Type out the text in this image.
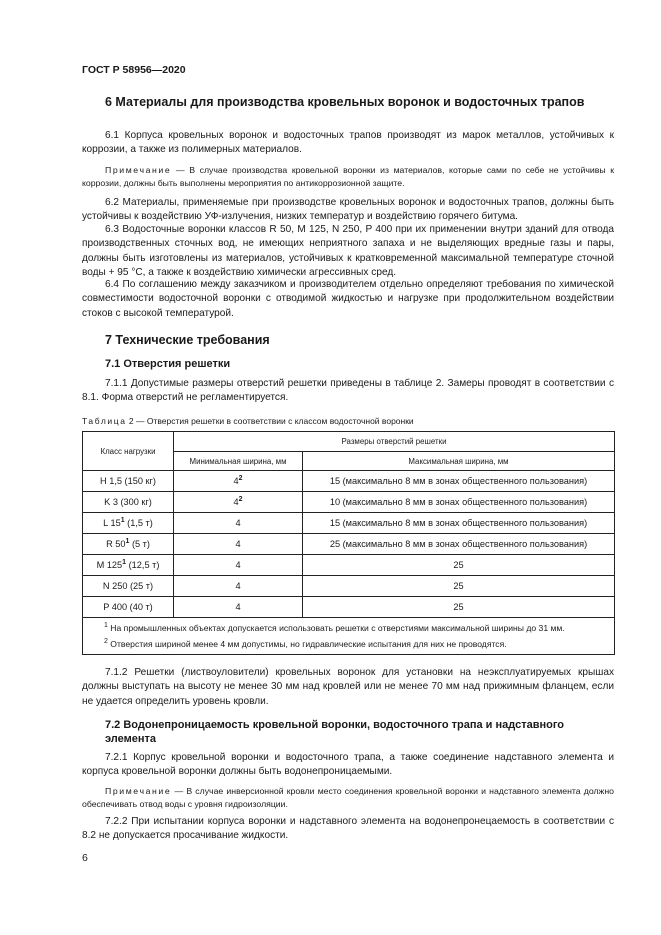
ГОСТ Р 58956—2020
6 Материалы для производства кровельных воронок и водосточных трапов
6.1 Корпуса кровельных воронок и водосточных трапов производят из марок металлов, устойчивых к коррозии, а также из полимерных материалов.
Примечание — В случае производства кровельной воронки из материалов, которые сами по себе не устойчивы к коррозии, должны быть выполнены мероприятия по антикоррозионной защите.
6.2 Материалы, применяемые при производстве кровельных воронок и водосточных трапов, должны быть устойчивы к воздействию УФ-излучения, низких температур и воздействию горячего битума.
6.3 Водосточные воронки классов R 50, M 125, N 250, P 400 при их применении внутри зданий для отвода производственных сточных вод, не имеющих неприятного запаха и не выделяющих вредные газы и пары, должны быть изготовлены из материалов, устойчивых к кратковременной максимальной температуре сточной воды + 95 °С, а также к воздействию химически агрессивных сред.
6.4 По соглашению между заказчиком и производителем отдельно определяют требования по химической совместимости водосточной воронки с отводимой жидкостью и нагрузке при продолжительном воздействии стоков с высокой температурой.
7 Технические требования
7.1 Отверстия решетки
7.1.1 Допустимые размеры отверстий решетки приведены в таблице 2. Замеры проводят в соответствии с 8.1. Форма отверстий не регламентируется.
Таблица 2 — Отверстия решетки в соответствии с классом водосточной воронки
Класс нагрузки	Размеры отверстий решетки	
	Минимальная ширина, мм	Максимальная ширина, мм
H 1,5 (150 кг)	$4^2$	15 (максимально 8 мм в зонах общественного пользования)
K 3 (300 кг)	$4^2$	10 (максимально 8 мм в зонах общественного пользования)
L $15^1$ (1,5 т)	4	15 (максимально 8 мм в зонах общественного пользования)
R $50^1$ (5 т)	4	25 (максимально 8 мм в зонах общественного пользования)
M $125^1$ (12,5 т)	4	25
N 250 (25 т)	4	25
P 400 (40 т)	4	25

$^1$ На промышленных объектах допускается использовать решетки с отверстиями максимальной ширины до 31 мм.
$^2$ Отверстия шириной менее 4 мм допустимы, но гидравлические испытания для них не проводятся.		
7.1.2 Решетки (листвоуловители) кровельных воронок для установки на неэксплуатируемых крышах должны выступать на высоту не менее 30 мм над кровлей или не менее 70 мм над прижимным фланцем, если не удается определить уровень кровли.
7.2 Водонепроницаемость кровельной воронки, водосточного трапа и надставного элемента
7.2.1 Корпус кровельной воронки и водосточного трапа, а также соединение надставного элемента и корпуса кровельной воронки должны быть водонепроницаемыми.
Примечание — В случае инверсионной кровли место соединения кровельной воронки и надставного элемента должно обеспечивать отвод воды с уровня гидроизоляции.
7.2.2 При испытании корпуса воронки и надставного элемента на водонепронецаемость в соответствии с 8.2 не допускается просачивание жидкости.
6
